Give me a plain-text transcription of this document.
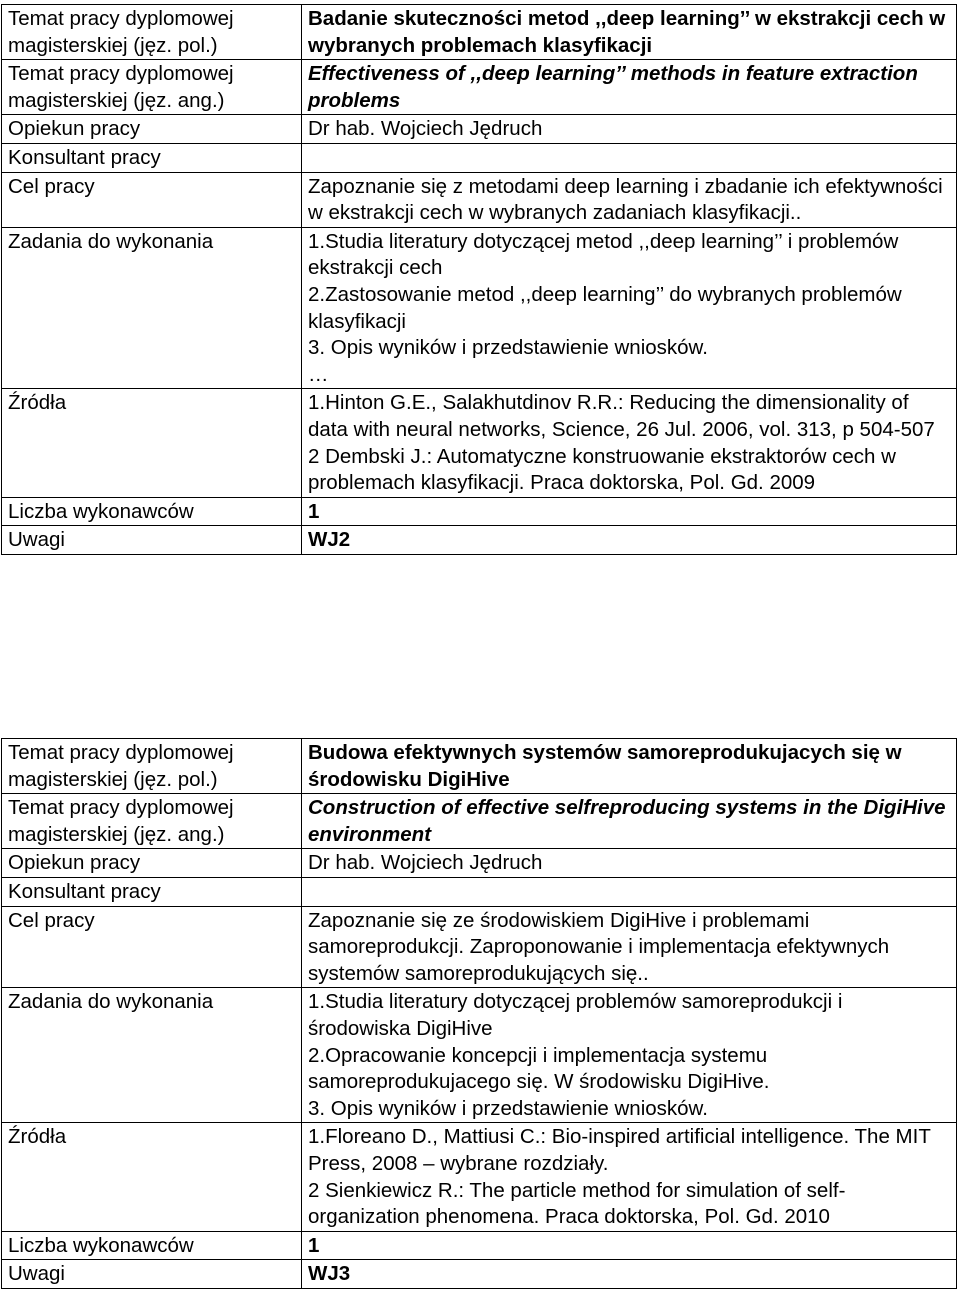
Temat pracy dyplomowej magisterskiej (jęz. pol.)	Badanie skuteczności metod ,,deep learning’’ w ekstrakcji cech w wybranych problemach klasyfikacji
Temat pracy dyplomowej magisterskiej (jęz. ang.)	Effectiveness of ,,deep learning’’ methods in feature extraction problems
Opiekun pracy	Dr hab. Wojciech Jędruch
Konsultant pracy	
Cel pracy	Zapoznanie się z metodami deep learning i zbadanie ich efektywności w ekstrakcji cech w wybranych zadaniach klasyfikacji..
Zadania do wykonania	1.Studia literatury dotyczącej metod ,,deep learning’’ i problemów ekstrakcji cech
2.Zastosowanie metod ,,deep learning’’ do wybranych problemów klasyfikacji
3. Opis wyników i przedstawienie wniosków.
…

Źródła	1.Hinton G.E., Salakhutdinov R.R.: Reducing the dimensionality of data with neural networks, Science, 26 Jul. 2006, vol. 313, p 504-507
2 Dembski J.: Automatyczne konstruowanie ekstraktorów cech w problemach klasyfikacji. Praca doktorska, Pol. Gd. 2009

Liczba wykonawców	1
Uwagi	WJ2
Temat pracy dyplomowej magisterskiej (jęz. pol.)	Budowa efektywnych systemów samoreprodukujacych się w środowisku DigiHive
Temat pracy dyplomowej magisterskiej (jęz. ang.)	Construction of effective selfreproducing systems in the DigiHive environment
Opiekun pracy	Dr hab. Wojciech Jędruch
Konsultant pracy	
Cel pracy	Zapoznanie się ze środowiskiem DigiHive i problemami samoreprodukcji. Zaproponowanie i implementacja efektywnych systemów samoreprodukujących się..
Zadania do wykonania	1.Studia literatury dotyczącej problemów samoreprodukcji i środowiska DigiHive
2.Opracowanie koncepcji i implementacja systemu samoreprodukujacego się. W środowisku DigiHive.
3. Opis wyników i przedstawienie wniosków.

Źródła	1.Floreano D., Mattiusi C.: Bio-inspired artificial intelligence. The MIT Press, 2008 – wybrane rozdziały.
2 Sienkiewicz R.: The particle method for simulation of self-organization phenomena. Praca doktorska, Pol. Gd. 2010

Liczba wykonawców	1
Uwagi	WJ3
